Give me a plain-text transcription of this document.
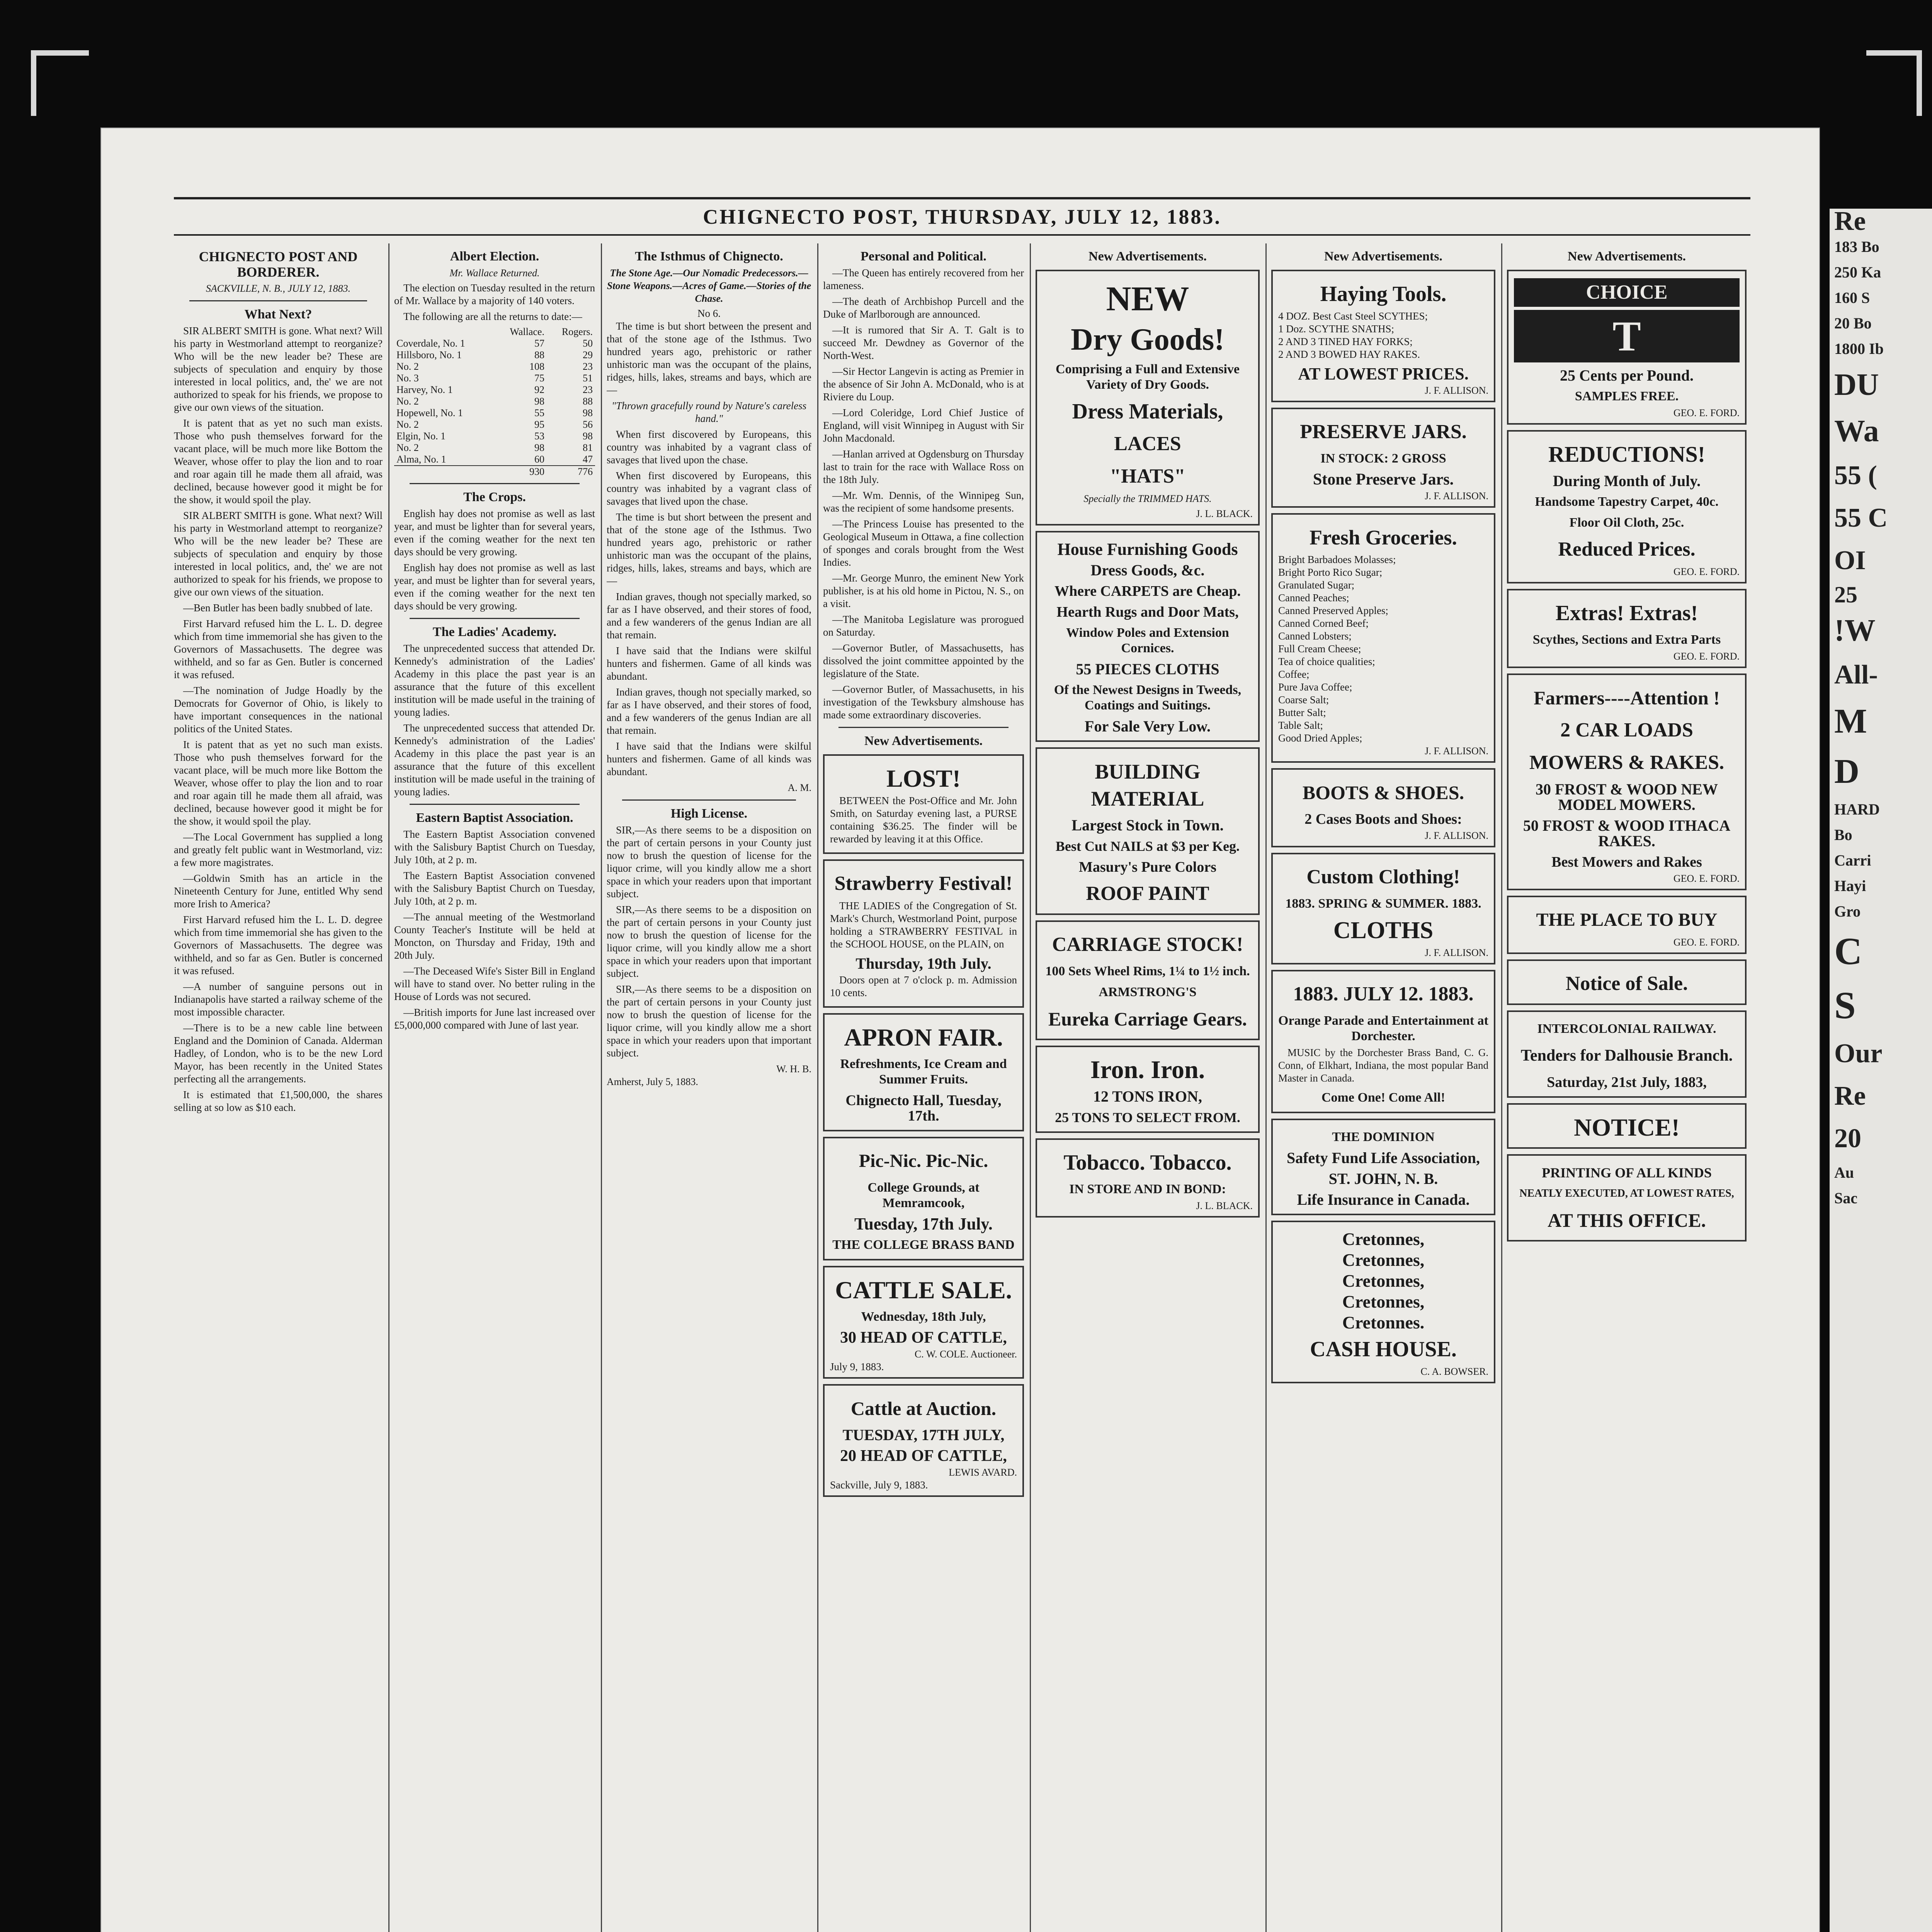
CHIGNECTO POST, THURSDAY, JULY 12, 1883.
CHIGNECTO POST AND BORDERER.
SACKVILLE, N. B., JULY 12, 1883.
What Next?

SIR ALBERT SMITH is gone. What next? Will his party in Westmorland attempt to reorganize? Who will be the new leader be? These are subjects of speculation and enquiry by those interested in local politics, and, the' we are not authorized to speak for his friends, we propose to give our own views of the situation.

It is patent that as yet no such man exists. Those who push themselves forward for the vacant place, will be much more like Bottom the Weaver, whose offer to play the lion and to roar and roar again till he made them all afraid, was declined, because however good it might be for the show, it would spoil the play.

SIR ALBERT SMITH is gone. What next? Will his party in Westmorland attempt to reorganize? Who will be the new leader be? These are subjects of speculation and enquiry by those interested in local politics, and, the' we are not authorized to speak for his friends, we propose to give our own views of the situation.

—Ben Butler has been badly snubbed of late.

First Harvard refused him the L. L. D. degree which from time immemorial she has given to the Governors of Massachusetts. The degree was withheld, and so far as Gen. Butler is concerned it was refused.

—The nomination of Judge Hoadly by the Democrats for Governor of Ohio, is likely to have important consequences in the national politics of the United States.

It is patent that as yet no such man exists. Those who push themselves forward for the vacant place, will be much more like Bottom the Weaver, whose offer to play the lion and to roar and roar again till he made them all afraid, was declined, because however good it might be for the show, it would spoil the play.

—The Local Government has supplied a long and greatly felt public want in Westmorland, viz: a few more magistrates.

—Goldwin Smith has an article in the Nineteenth Century for June, entitled Why send more Irish to America?

First Harvard refused him the L. L. D. degree which from time immemorial she has given to the Governors of Massachusetts. The degree was withheld, and so far as Gen. Butler is concerned it was refused.

—A number of sanguine persons out in Indianapolis have started a railway scheme of the most impossible character.

—There is to be a new cable line between England and the Dominion of Canada. Alderman Hadley, of London, who is to be the new Lord Mayor, has been recently in the United States perfecting all the arrangements.

It is estimated that £1,500,000, the shares selling at so low as $10 each.

Albert Election.
Mr. Wallace Returned.

The election on Tuesday resulted in the return of Mr. Wallace by a majority of 140 voters.

The following are all the returns to date:—

	Wallace.	Rogers.
Coverdale, No. 1	57	50
Hillsboro, No. 1	88	29
No. 2	108	23
No. 3	75	51
Harvey, No. 1	92	23
No. 2	98	88
Hopewell, No. 1	55	98
No. 2	95	56
Elgin, No. 1	53	98
No. 2	98	81
Alma, No. 1	60	47
	930	776
The Crops.

English hay does not promise as well as last year, and must be lighter than for several years, even if the coming weather for the next ten days should be very growing.

English hay does not promise as well as last year, and must be lighter than for several years, even if the coming weather for the next ten days should be very growing.

The Ladies' Academy.

The unprecedented success that attended Dr. Kennedy's administration of the Ladies' Academy in this place the past year is an assurance that the future of this excellent institution will be made useful in the training of young ladies.

The unprecedented success that attended Dr. Kennedy's administration of the Ladies' Academy in this place the past year is an assurance that the future of this excellent institution will be made useful in the training of young ladies.

Eastern Baptist Association.

The Eastern Baptist Association convened with the Salisbury Baptist Church on Tuesday, July 10th, at 2 p. m.

The Eastern Baptist Association convened with the Salisbury Baptist Church on Tuesday, July 10th, at 2 p. m.

—The annual meeting of the Westmorland County Teacher's Institute will be held at Moncton, on Thursday and Friday, 19th and 20th July.

—The Deceased Wife's Sister Bill in England will have to stand over. No better ruling in the House of Lords was not secured.

—British imports for June last increased over £5,000,000 compared with June of last year.

The Isthmus of Chignecto.
The Stone Age.—Our Nomadic Predecessors.—Stone Weapons.—Acres of Game.—Stories of the Chase.
No 6.

The time is but short between the present and that of the stone age of the Isthmus. Two hundred years ago, prehistoric or rather unhistoric man was the occupant of the plains, ridges, hills, lakes, streams and bays, which are—

"Thrown gracefully round by Nature's careless hand."

When first discovered by Europeans, this country was inhabited by a vagrant class of savages that lived upon the chase.

When first discovered by Europeans, this country was inhabited by a vagrant class of savages that lived upon the chase.

The time is but short between the present and that of the stone age of the Isthmus. Two hundred years ago, prehistoric or rather unhistoric man was the occupant of the plains, ridges, hills, lakes, streams and bays, which are—

Indian graves, though not specially marked, so far as I have observed, and their stores of food, and a few wanderers of the genus Indian are all that remain.

I have said that the Indians were skilful hunters and fishermen. Game of all kinds was abundant.

Indian graves, though not specially marked, so far as I have observed, and their stores of food, and a few wanderers of the genus Indian are all that remain.

I have said that the Indians were skilful hunters and fishermen. Game of all kinds was abundant.

A. M.
High License.

SIR,—As there seems to be a disposition on the part of certain persons in your County just now to brush the question of license for the liquor crime, will you kindly allow me a short space in which your readers upon that important subject.

SIR,—As there seems to be a disposition on the part of certain persons in your County just now to brush the question of license for the liquor crime, will you kindly allow me a short space in which your readers upon that important subject.

SIR,—As there seems to be a disposition on the part of certain persons in your County just now to brush the question of license for the liquor crime, will you kindly allow me a short space in which your readers upon that important subject.

W. H. B.
Amherst, July 5, 1883.
Personal and Political.

—The Queen has entirely recovered from her lameness.

—The death of Archbishop Purcell and the Duke of Marlborough are announced.

—It is rumored that Sir A. T. Galt is to succeed Mr. Dewdney as Governor of the North-West.

—Sir Hector Langevin is acting as Premier in the absence of Sir John A. McDonald, who is at Riviere du Loup.

—Lord Coleridge, Lord Chief Justice of England, will visit Winnipeg in August with Sir John Macdonald.

—Hanlan arrived at Ogdensburg on Thursday last to train for the race with Wallace Ross on the 18th July.

—Mr. Wm. Dennis, of the Winnipeg Sun, was the recipient of some handsome presents.

—The Princess Louise has presented to the Geological Museum in Ottawa, a fine collection of sponges and corals brought from the West Indies.

—Mr. George Munro, the eminent New York publisher, is at his old home in Pictou, N. S., on a visit.

—The Manitoba Legislature was prorogued on Saturday.

—Governor Butler, of Massachusetts, has dissolved the joint committee appointed by the legislature of the State.

—Governor Butler, of Massachusetts, in his investigation of the Tewksbury almshouse has made some extraordinary discoveries.

New Advertisements.
LOST!

BETWEEN the Post-Office and Mr. John Smith, on Saturday evening last, a PURSE containing $36.25. The finder will be rewarded by leaving it at this Office.

Strawberry Festival!

THE LADIES of the Congregation of St. Mark's Church, Westmorland Point, purpose holding a STRAWBERRY FESTIVAL in the SCHOOL HOUSE, on the PLAIN, on

Thursday, 19th July.

Doors open at 7 o'clock p. m. Admission 10 cents.

APRON FAIR.
Refreshments, Ice Cream and Summer Fruits.
Chignecto Hall, Tuesday, 17th.
Pic-Nic. Pic-Nic.
College Grounds, at Memramcook,
Tuesday, 17th July.
THE COLLEGE BRASS BAND
CATTLE SALE.
Wednesday, 18th July,
30 HEAD OF CATTLE,
C. W. COLE. Auctioneer.
July 9, 1883.
Cattle at Auction.
TUESDAY, 17TH JULY,
20 HEAD OF CATTLE,
LEWIS AVARD.
Sackville, July 9, 1883.
New Advertisements.
NEW
Dry Goods!
Comprising a Full and Extensive Variety of Dry Goods.
Dress Materials,
LACES
"HATS"
Specially the TRIMMED HATS.
J. L. BLACK.
House Furnishing Goods
Dress Goods, &c.
Where CARPETS are Cheap.
Hearth Rugs and Door Mats,
Window Poles and Extension Cornices.
55 PIECES CLOTHS
Of the Newest Designs in Tweeds, Coatings and Suitings.
For Sale Very Low.
BUILDING MATERIAL
Largest Stock in Town.
Best Cut NAILS at $3 per Keg.
Masury's Pure Colors
ROOF PAINT
CARRIAGE STOCK!
100 Sets Wheel Rims, 1¼ to 1½ inch.
ARMSTRONG'S
Eureka Carriage Gears.
Iron. Iron.
12 TONS IRON,
25 TONS TO SELECT FROM.
Tobacco. Tobacco.
IN STORE AND IN BOND:
J. L. BLACK.
New Advertisements.
Haying Tools.
4 DOZ. Best Cast Steel SCYTHES;
1 Doz. SCYTHE SNATHS;
2 AND 3 TINED HAY FORKS;
2 AND 3 BOWED HAY RAKES.
AT LOWEST PRICES.
J. F. ALLISON.
PRESERVE JARS.
IN STOCK: 2 GROSS
Stone Preserve Jars.
J. F. ALLISON.
Fresh Groceries.
Bright Barbadoes Molasses;
Bright Porto Rico Sugar;
Granulated Sugar;
Canned Peaches;
Canned Preserved Apples;
Canned Corned Beef;
Canned Lobsters;
Full Cream Cheese;
Tea of choice qualities;
Coffee;
Pure Java Coffee;
Coarse Salt;
Butter Salt;
Table Salt;
Good Dried Apples;
J. F. ALLISON.
BOOTS & SHOES.
2 Cases Boots and Shoes:
J. F. ALLISON.
Custom Clothing!
1883. SPRING & SUMMER. 1883.
CLOTHS
J. F. ALLISON.
1883. JULY 12. 1883.
Orange Parade and Entertainment at Dorchester.

MUSIC by the Dorchester Brass Band, C. G. Conn, of Elkhart, Indiana, the most popular Band Master in Canada.

Come One! Come All!
THE DOMINION
Safety Fund Life Association,
ST. JOHN, N. B.
Life Insurance in Canada.
Cretonnes,
Cretonnes,
Cretonnes,
Cretonnes,
Cretonnes.
CASH HOUSE.
C. A. BOWSER.
New Advertisements.
CHOICE
T
25 Cents per Pound.
SAMPLES FREE.
GEO. E. FORD.
REDUCTIONS!
During Month of July.
Handsome Tapestry Carpet, 40c.
Floor Oil Cloth, 25c.
Reduced Prices.
GEO. E. FORD.
Extras! Extras!
Scythes, Sections and Extra Parts
GEO. E. FORD.
Farmers----Attention !
2 CAR LOADS
MOWERS & RAKES.
30 FROST & WOOD NEW MODEL MOWERS.
50 FROST & WOOD ITHACA RAKES.
Best Mowers and Rakes
GEO. E. FORD.
THE PLACE TO BUY
GEO. E. FORD.
Notice of Sale.
INTERCOLONIAL RAILWAY.
Tenders for Dalhousie Branch.
Saturday, 21st July, 1883,
NOTICE!
PRINTING OF ALL KINDS
NEATLY EXECUTED, AT LOWEST RATES,
AT THIS OFFICE.
Re
183 Bo
250 Ka
160 S
20 Bo
1800 Ib
DU
Wa
55 (
55 C
OI
25
!W
All-
M
D
HARD
Bo
Carri
Hayi
Gro
C
S
Our
Re
20
Au
Sac
